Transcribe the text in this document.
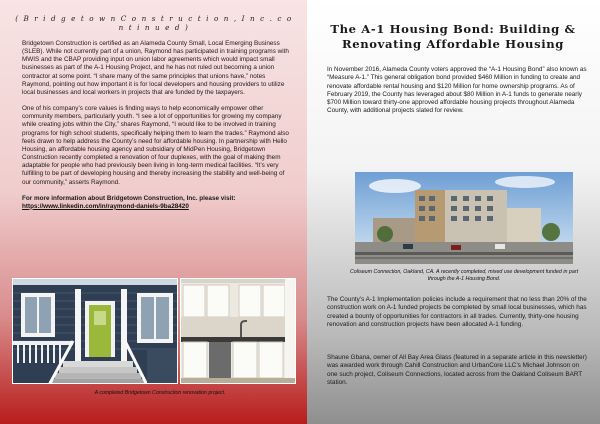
( B r i d g e t o w n C o n s t r u c t i o n , I n c . c o n t i n u e d )

Bridgetown Construction is certified as an Alameda County Small, Local Emerging Business (SLEB). While not currently part of a union, Raymond has participated in training programs with MWIS and the CBAP providing input on union labor agreements which would impact small businesses as part of the A-1 Housing Project, and he has not ruled out becoming a union contractor at some point. “I share many of the same principles that unions have,” notes Raymond, pointing out how important it is for local developers and housing providers to utilize local businesses and local workers in projects that are funded by the taxpayers.

One of his company’s core values is finding ways to help economically empower other community members, particularly youth. “I see a lot of opportunities for growing my company while creating jobs within the City,” shares Raymond, “I would like to be involved in training programs for high school students, specifically helping them to learn the trades.” Raymond also feels drawn to help address the County’s need for affordable housing. In partnership with Hello Housing, an affordable housing agency and subsidiary of MidPen Housing, Bridgetown Construction recently completed a renovation of four duplexes, with the goal of making them adaptable for people who had previously been living in long-term medical facilities. “It’s very fulfilling to be part of developing housing and thereby increasing the stability and well-being of our community,” asserts Raymond.

For more information about Bridgetown Construction, Inc. please visit:

https://www.linkedin.com/in/raymond-daniels-9ba28420

A completed Bridgetown Construction renovation project.
The A-1 Housing Bond: Building & Renovating Affordable Housing
In November 2016, Alameda County voters approved the “A-1 Housing Bond” also known as “Measure A-1.” This general obligation bond provided $460 Million in funding to create and renovate affordable rental housing and $120 Million for home ownership programs. As of February 2019, the County has leveraged about $80 Million in A-1 funds to generate nearly $700 Million toward thirty-one approved affordable housing projects throughout Alameda County, with additional projects slated for review.
Coliseum Connection, Oakland, CA. A recently completed, mixed use development funded in part through the A-1 Housing Bond.
The County’s A-1 Implementation policies include a requirement that no less than 20% of the construction work on A-1 funded projects be completed by small local businesses, which has created a bounty of opportunities for contractors in all trades. Currently, thirty-one housing renovation and construction projects have been allocated A-1 funding.
Shaune Gbana, owner of All Bay Area Glass (featured in a separate article in this newsletter) was awarded work through Cahill Construction and UrbanCore LLC’s Michael Johnson on one such project, Coliseum Connections, located across from the Oakland Coliseum BART station.
